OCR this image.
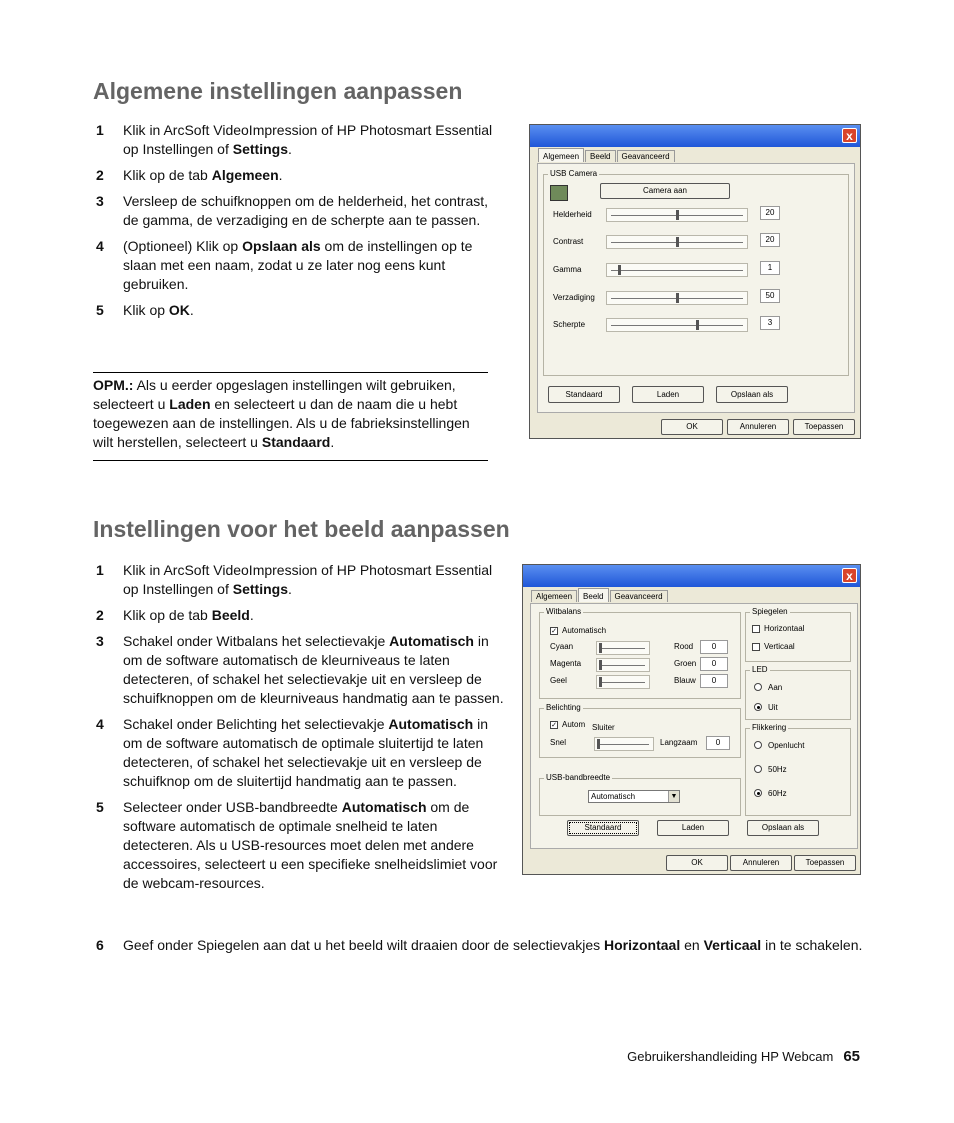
Algemene instellingen aanpassen
1 Klik in ArcSoft VideoImpression of HP Photosmart Essential op Instellingen of Settings.
2 Klik op de tab Algemeen.
3 Versleep de schuifknoppen om de helderheid, het contrast, de gamma, de verzadiging en de scherpte aan te passen.
4 (Optioneel) Klik op Opslaan als om de instellingen op te slaan met een naam, zodat u ze later nog eens kunt gebruiken.
5 Klik op OK.
OPM.: Als u eerder opgeslagen instellingen wilt gebruiken, selecteert u Laden en selecteert u dan de naam die u hebt toegewezen aan de instellingen. Als u de fabrieksinstellingen wilt herstellen, selecteert u Standaard.
x
Algemeen	Beeld	Geavanceerd
USB Camera
Camera aan
Helderheid	20
Contrast	20
Gamma	1
Verzadiging	50
Scherpte	3
Standaard	Laden	Opslaan als
OK	Annuleren	Toepassen
Instellingen voor het beeld aanpassen
1 Klik in ArcSoft VideoImpression of HP Photosmart Essential op Instellingen of Settings.
2 Klik op de tab Beeld.
3 Schakel onder Witbalans het selectievakje Automatisch in om de software automatisch de kleurniveaus te laten detecteren, of schakel het selectievakje uit en versleep de schuifknoppen om de kleurniveaus handmatig aan te passen.
4 Schakel onder Belichting het selectievakje Automatisch in om de software automatisch de optimale sluitertijd te laten detecteren, of schakel het selectievakje uit en versleep de schuifknop om de sluitertijd handmatig aan te passen.
5 Selecteer onder USB-bandbreedte Automatisch om de software automatisch de optimale snelheid te laten detecteren. Als u USB-resources moet delen met andere accessoires, selecteert u een specifieke snelheidslimiet voor de webcam-resources.
6 Geef onder Spiegelen aan dat u het beeld wilt draaien door de selectievakjes Horizontaal en Verticaal in te schakelen.
x
Algemeen	Beeld	Geavanceerd
Witbalans
✓ Automatisch
Cyaan	Rood	0
Magenta	Groen	0
Geel	Blauw	0
Belichting
✓ Autom Sluiter
Snel	Langzaam	0
USB-bandbreedte
Automatisch	▼
Spiegelen
Horizontaal
Verticaal
LED
Aan
Uit
Flikkering
Openlucht
50Hz
60Hz
Standaard	Laden	Opslaan als
OK	Annuleren	Toepassen
Gebruikershandleiding HP Webcam 65
